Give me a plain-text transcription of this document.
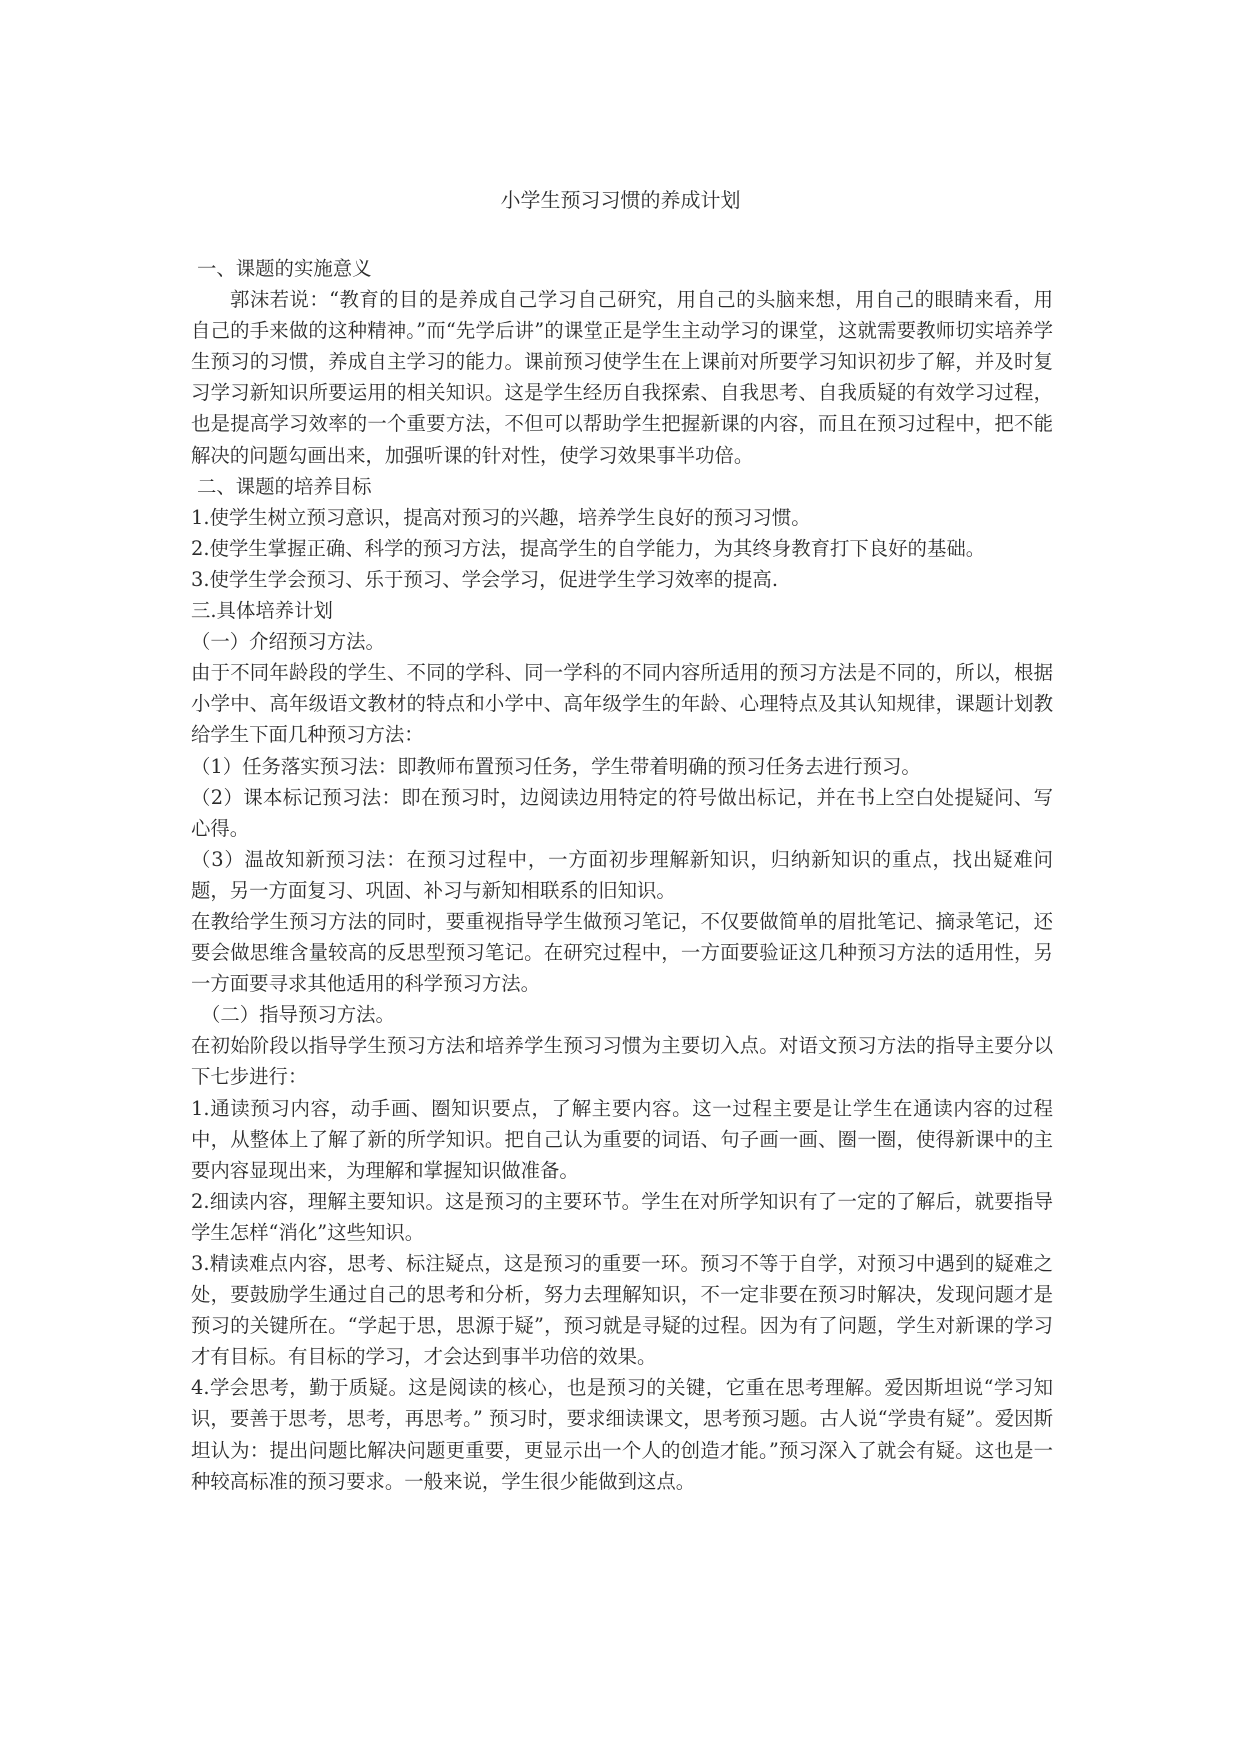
小学生预习习惯的养成计划

一、课题的实施意义

郭沫若说：“教育的目的是养成自己学习自己研究，用自己的头脑来想，用自己的眼睛来看，用自己的手来做的这种精神。”而“先学后讲”的课堂正是学生主动学习的课堂，这就需要教师切实培养学生预习的习惯，养成自主学习的能力。课前预习使学生在上课前对所要学习知识初步了解，并及时复习学习新知识所要运用的相关知识。这是学生经历自我探索、自我思考、自我质疑的有效学习过程，也是提高学习效率的一个重要方法，不但可以帮助学生把握新课的内容，而且在预习过程中，把不能解决的问题勾画出来，加强听课的针对性，使学习效果事半功倍。

二、课题的培养目标

1.使学生树立预习意识，提高对预习的兴趣，培养学生良好的预习习惯。

2.使学生掌握正确、科学的预习方法，提高学生的自学能力，为其终身教育打下良好的基础。

3.使学生学会预习、乐于预习、学会学习，促进学生学习效率的提高.

三.具体培养计划

（一）介绍预习方法。

由于不同年龄段的学生、不同的学科、同一学科的不同内容所适用的预习方法是不同的，所以，根据小学中、高年级语文教材的特点和小学中、高年级学生的年龄、心理特点及其认知规律，课题计划教给学生下面几种预习方法：

（1）任务落实预习法：即教师布置预习任务，学生带着明确的预习任务去进行预习。

（2）课本标记预习法：即在预习时，边阅读边用特定的符号做出标记，并在书上空白处提疑问、写心得。

（3）温故知新预习法：在预习过程中，一方面初步理解新知识，归纳新知识的重点，找出疑难问题，另一方面复习、巩固、补习与新知相联系的旧知识。

在教给学生预习方法的同时，要重视指导学生做预习笔记，不仅要做简单的眉批笔记、摘录笔记，还要会做思维含量较高的反思型预习笔记。在研究过程中，一方面要验证这几种预习方法的适用性，另一方面要寻求其他适用的科学预习方法。

（二）指导预习方法。

在初始阶段以指导学生预习方法和培养学生预习习惯为主要切入点。对语文预习方法的指导主要分以下七步进行：

1.通读预习内容，动手画、圈知识要点，了解主要内容。这一过程主要是让学生在通读内容的过程中，从整体上了解了新的所学知识。把自己认为重要的词语、句子画一画、圈一圈，使得新课中的主要内容显现出来，为理解和掌握知识做准备。

2.细读内容，理解主要知识。这是预习的主要环节。学生在对所学知识有了一定的了解后，就要指导学生怎样“消化”这些知识。

3.精读难点内容，思考、标注疑点，这是预习的重要一环。预习不等于自学，对预习中遇到的疑难之处，要鼓励学生通过自己的思考和分析，努力去理解知识，不一定非要在预习时解决，发现问题才是预习的关键所在。“学起于思，思源于疑”，预习就是寻疑的过程。因为有了问题，学生对新课的学习才有目标。有目标的学习，才会达到事半功倍的效果。

4.学会思考，勤于质疑。这是阅读的核心，也是预习的关键，它重在思考理解。爱因斯坦说“学习知识，要善于思考，思考，再思考。” 预习时，要求细读课文，思考预习题。古人说“学贵有疑”。爱因斯坦认为：提出问题比解决问题更重要，更显示出一个人的创造才能。”预习深入了就会有疑。这也是一种较高标准的预习要求。一般来说，学生很少能做到这点。
